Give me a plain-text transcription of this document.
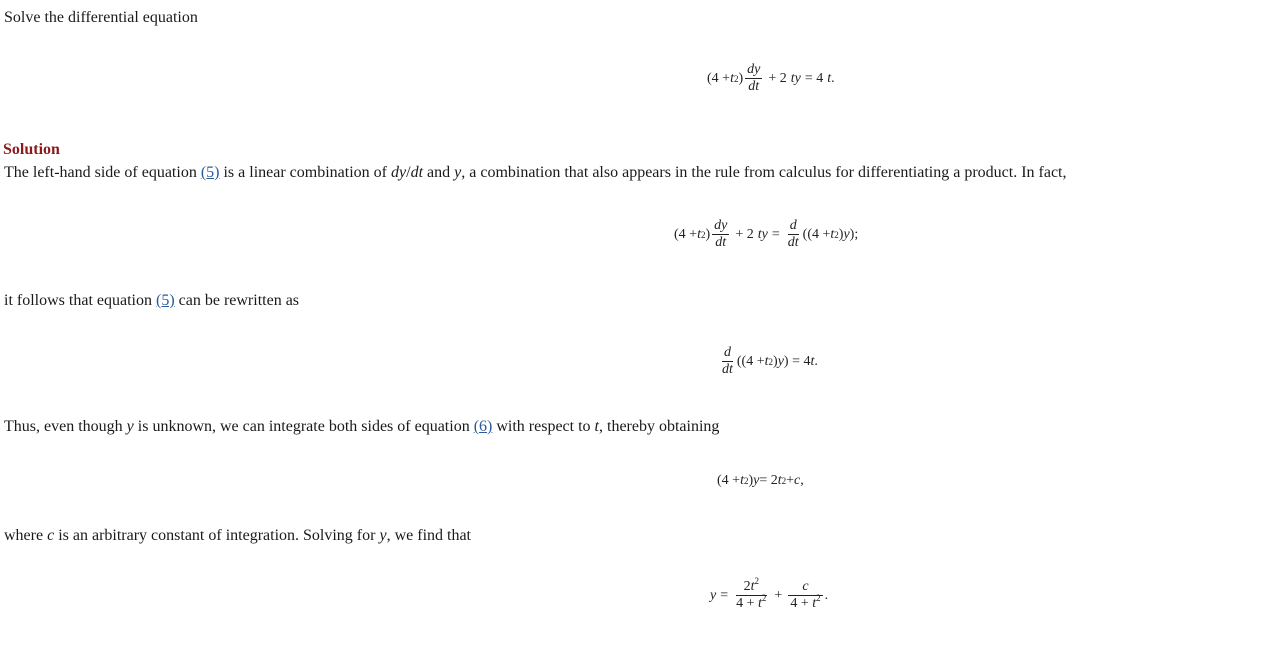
Solve the differential equation

(4 + t 2 ) $\frac{dy}{dt} + 2$ ty = 4 t .
Solution

The left-hand side of equation (5) is a linear combination of dy/dt and y, a combination that also appears in the rule from calculus for differentiating a product. In fact,

(4 + t 2 ) $\frac{dy}{dt} + 2$ ty = $\frac{d}{dt} ((4 + t$ 2 ) y );

it follows that equation (5) can be rewritten as

$\frac{d}{dt} ((4 + t$ 2 ) y ) = 4 t .

Thus, even though y is unknown, we can integrate both sides of equation (6) with respect to t, thereby obtaining

(4 + t 2 ) y = 2 t 2 + c ,

where c is an arbitrary constant of integration. Solving for y, we find that

$y = \frac{2t^2}{4 + t^2} + \frac{c}{4 + t^2}$ .
